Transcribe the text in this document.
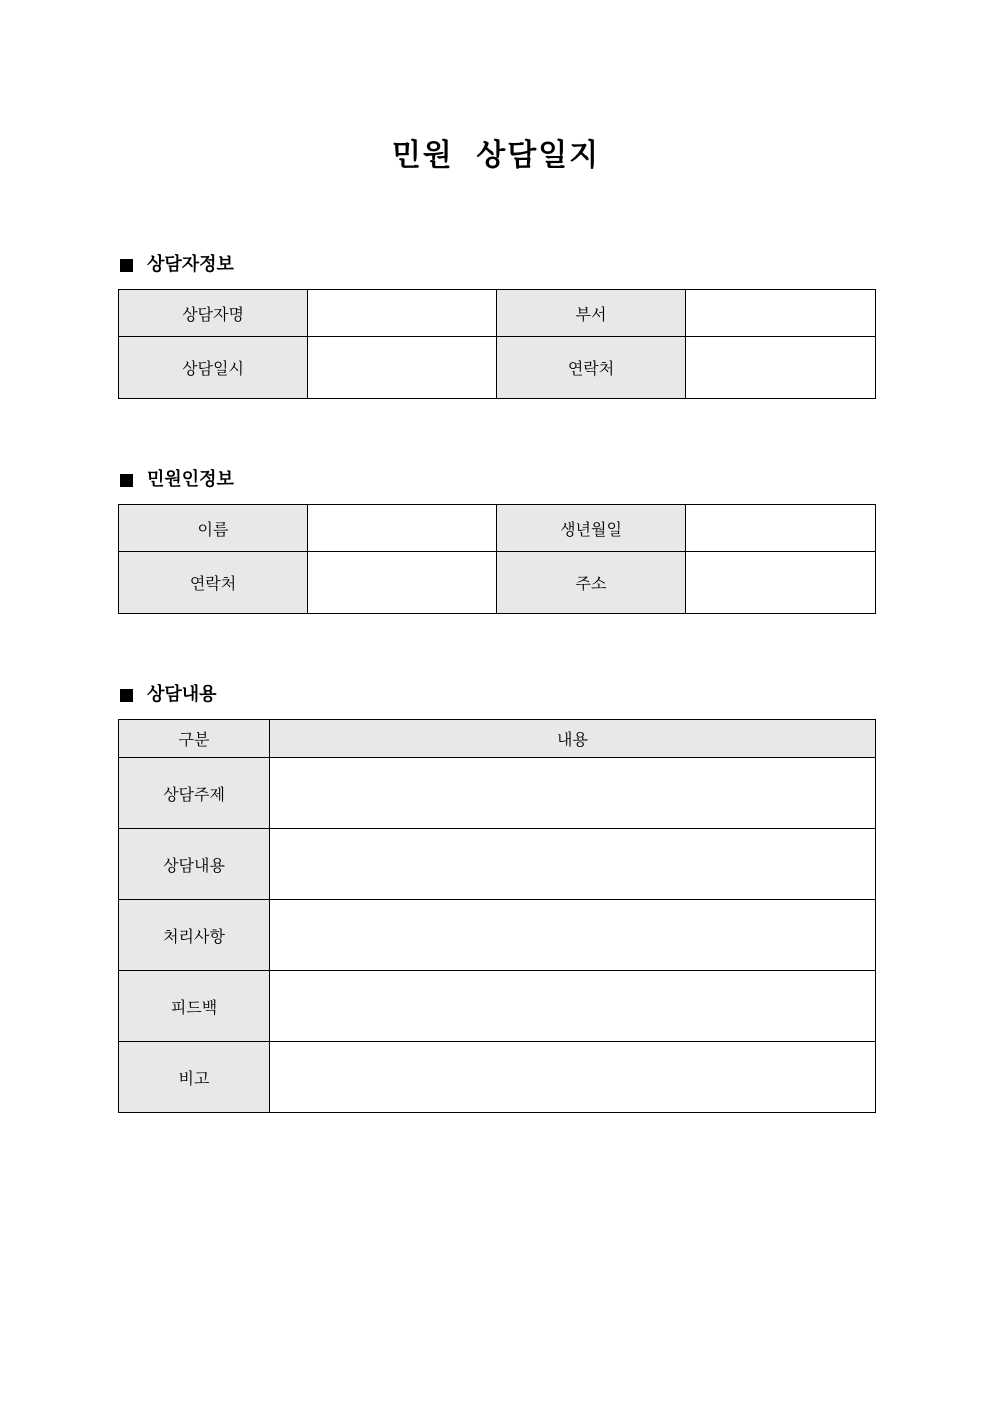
민원 상담일지
상담자정보
상담자명		부서	
상담일시		연락처	
민원인정보
이름		생년월일	
연락처		주소	
상담내용
구분	내용
상담주제	
상담내용	
처리사항	
피드백	
비고	
